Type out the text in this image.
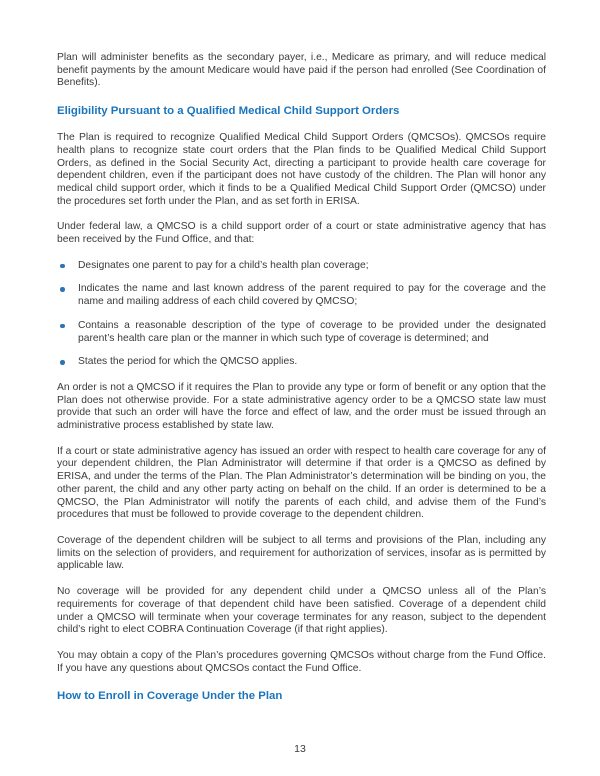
Plan will administer benefits as the secondary payer, i.e., Medicare as primary, and will reduce medical benefit payments by the amount Medicare would have paid if the person had enrolled (See Coordination of Benefits).

Eligibility Pursuant to a Qualified Medical Child Support Orders

The Plan is required to recognize Qualified Medical Child Support Orders (QMCSOs). QMCSOs require health plans to recognize state court orders that the Plan finds to be Qualified Medical Child Support Orders, as defined in the Social Security Act, directing a participant to provide health care coverage for dependent children, even if the participant does not have custody of the children. The Plan will honor any medical child support order, which it finds to be a Qualified Medical Child Support Order (QMCSO) under the procedures set forth under the Plan, and as set forth in ERISA.

Under federal law, a QMCSO is a child support order of a court or state administrative agency that has been received by the Fund Office, and that:

Designates one parent to pay for a child’s health plan coverage;
Indicates the name and last known address of the parent required to pay for the coverage and the name and mailing address of each child covered by QMCSO;
Contains a reasonable description of the type of coverage to be provided under the designated parent’s health care plan or the manner in which such type of coverage is determined; and
States the period for which the QMCSO applies.

An order is not a QMCSO if it requires the Plan to provide any type or form of benefit or any option that the Plan does not otherwise provide. For a state administrative agency order to be a QMCSO state law must provide that such an order will have the force and effect of law, and the order must be issued through an administrative process established by state law.

If a court or state administrative agency has issued an order with respect to health care coverage for any of your dependent children, the Plan Administrator will determine if that order is a QMCSO as defined by ERISA, and under the terms of the Plan. The Plan Administrator’s determination will be binding on you, the other parent, the child and any other party acting on behalf on the child. If an order is determined to be a QMCSO, the Plan Administrator will notify the parents of each child, and advise them of the Fund’s procedures that must be followed to provide coverage to the dependent children.

Coverage of the dependent children will be subject to all terms and provisions of the Plan, including any limits on the selection of providers, and requirement for authorization of services, insofar as is permitted by applicable law.

No coverage will be provided for any dependent child under a QMCSO unless all of the Plan’s requirements for coverage of that dependent child have been satisfied. Coverage of a dependent child under a QMCSO will terminate when your coverage terminates for any reason, subject to the dependent child’s right to elect COBRA Continuation Coverage (if that right applies).

You may obtain a copy of the Plan’s procedures governing QMCSOs without charge from the Fund Office. If you have any questions about QMCSOs contact the Fund Office.

How to Enroll in Coverage Under the Plan
13
